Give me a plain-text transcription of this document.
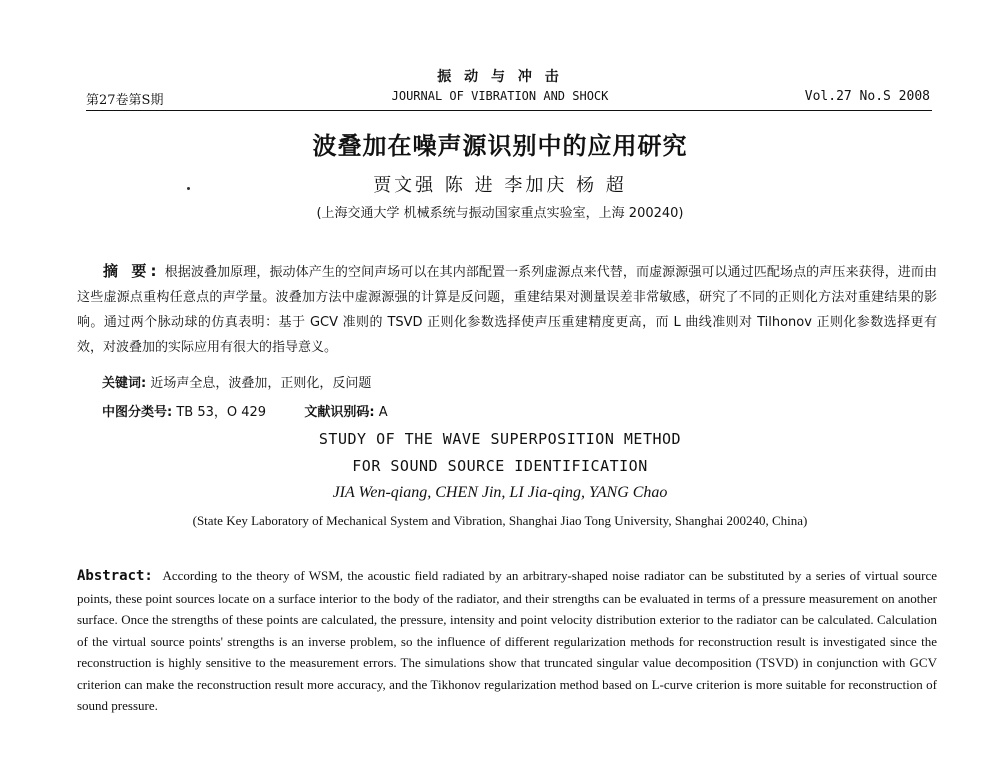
振 动 与 冲 击
第27卷第S期	JOURNAL OF VIBRATION AND SHOCK	Vol.27 No.S 2008
波叠加在噪声源识别中的应用研究
贾文强 陈 进 李加庆 杨 超
(上海交通大学 机械系统与振动国家重点实验室，上海 200240)
摘 要: 根据波叠加原理，振动体产生的空间声场可以在其内部配置一系列虚源点来代替，而虚源源强可以通过匹配场点的声压来获得，进而由这些虚源点重构任意点的声学量。波叠加方法中虚源源强的计算是反问题，重建结果对测量误差非常敏感，研究了不同的正则化方法对重建结果的影响。通过两个脉动球的仿真表明：基于 GCV 准则的 TSVD 正则化参数选择使声压重建精度更高，而 L 曲线准则对 Tilhonov 正则化参数选择更有效，对波叠加的实际应用有很大的指导意义。
关键词: 近场声全息，波叠加，正则化，反问题
中图分类号: TB 53，O 429	文献识别码: A
STUDY OF THE WAVE SUPERPOSITION METHOD
FOR SOUND SOURCE IDENTIFICATION
JIA Wen-qiang, CHEN Jin, LI Jia-qing, YANG Chao
(State Key Laboratory of Mechanical System and Vibration, Shanghai Jiao Tong University, Shanghai 200240, China)
Abstract: According to the theory of WSM, the acoustic field radiated by an arbitrary-shaped noise radiator can be substituted by a series of virtual source points, these point sources locate on a surface interior to the body of the radiator, and their strengths can be evaluated in terms of a pressure measurement on another surface. Once the strengths of these points are calculated, the pressure, intensity and point velocity distribution exterior to the radiator can be calculated. Calculation of the virtual source points' strengths is an inverse problem, so the influence of different regularization methods for reconstruction result is investigated since the reconstruction is highly sensitive to the measurement errors. The simulations show that truncated singular value decomposition (TSVD) in conjunction with GCV criterion can make the reconstruction result more accuracy, and the Tikhonov regularization method based on L-curve criterion is more suitable for reconstruction of sound pressure.
